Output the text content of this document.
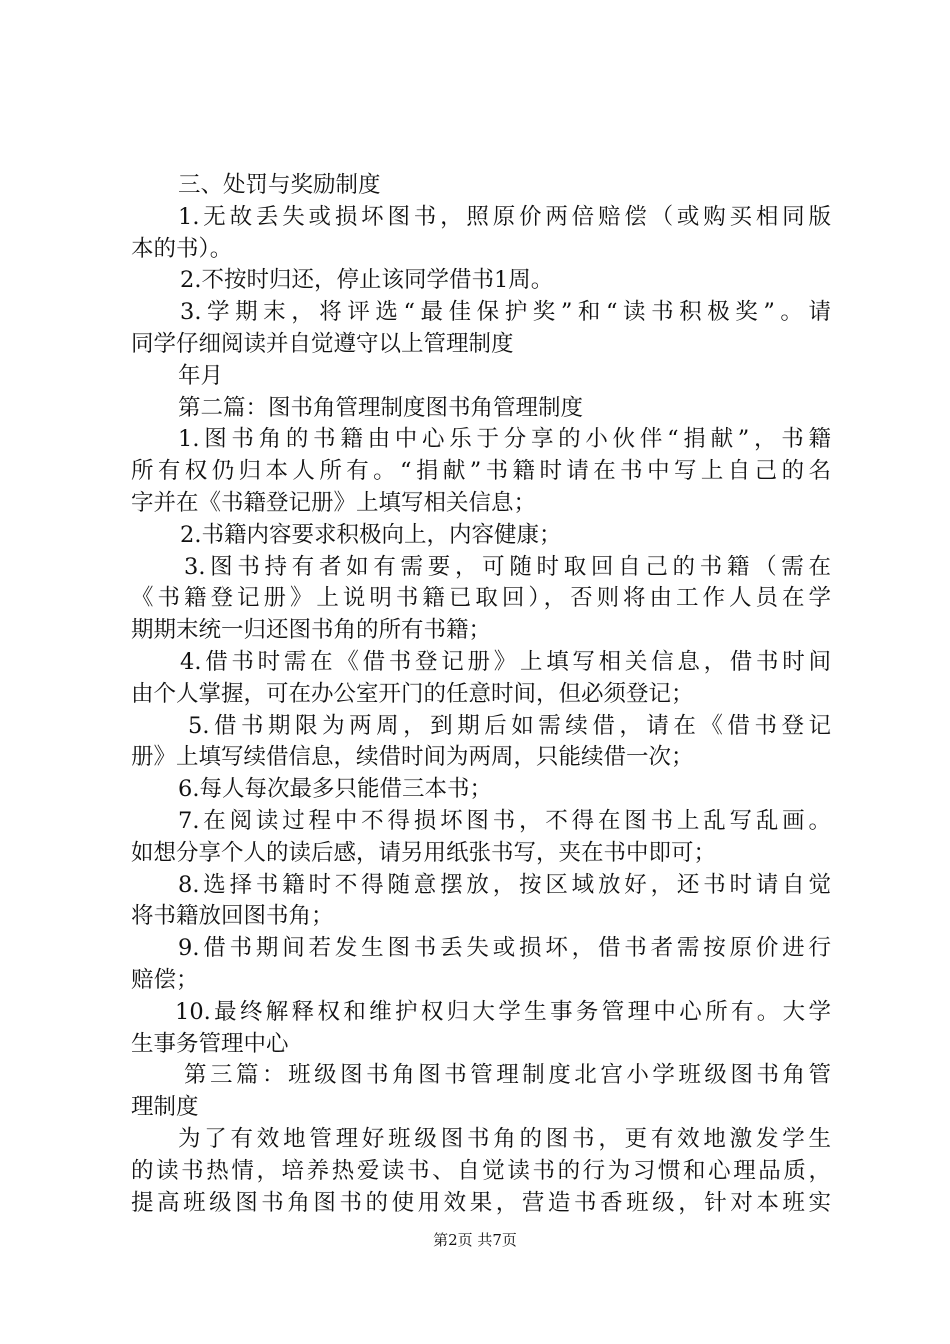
三、处罚与奖励制度
1.无故丢失或损坏图书，照原价两倍赔偿（或购买相同版
本的书）。
2.不按时归还，停止该同学借书1周。
3.学期末，将评选“最佳保护奖”和“读书积极奖”。请
同学仔细阅读并自觉遵守以上管理制度
年月
第二篇：图书角管理制度图书角管理制度
1.图书角的书籍由中心乐于分享的小伙伴“捐献”，书籍
所有权仍归本人所有。“捐献”书籍时请在书中写上自己的名
字并在《书籍登记册》上填写相关信息；
2.书籍内容要求积极向上，内容健康；
3.图书持有者如有需要，可随时取回自己的书籍（需在
《书籍登记册》上说明书籍已取回），否则将由工作人员在学
期期末统一归还图书角的所有书籍；
4.借书时需在《借书登记册》上填写相关信息，借书时间
由个人掌握，可在办公室开门的任意时间，但必须登记；
5.借书期限为两周，到期后如需续借，请在《借书登记
册》上填写续借信息，续借时间为两周，只能续借一次；
6.每人每次最多只能借三本书；
7.在阅读过程中不得损坏图书，不得在图书上乱写乱画。
如想分享个人的读后感，请另用纸张书写，夹在书中即可；
8.选择书籍时不得随意摆放，按区域放好，还书时请自觉
将书籍放回图书角；
9.借书期间若发生图书丢失或损坏，借书者需按原价进行
赔偿；
10.最终解释权和维护权归大学生事务管理中心所有。大学
生事务管理中心
第三篇：班级图书角图书管理制度北宫小学班级图书角管
理制度
为了有效地管理好班级图书角的图书，更有效地激发学生
的读书热情，培养热爱读书、自觉读书的行为习惯和心理品质，
提高班级图书角图书的使用效果，营造书香班级，针对本班实
第2页 共7页
